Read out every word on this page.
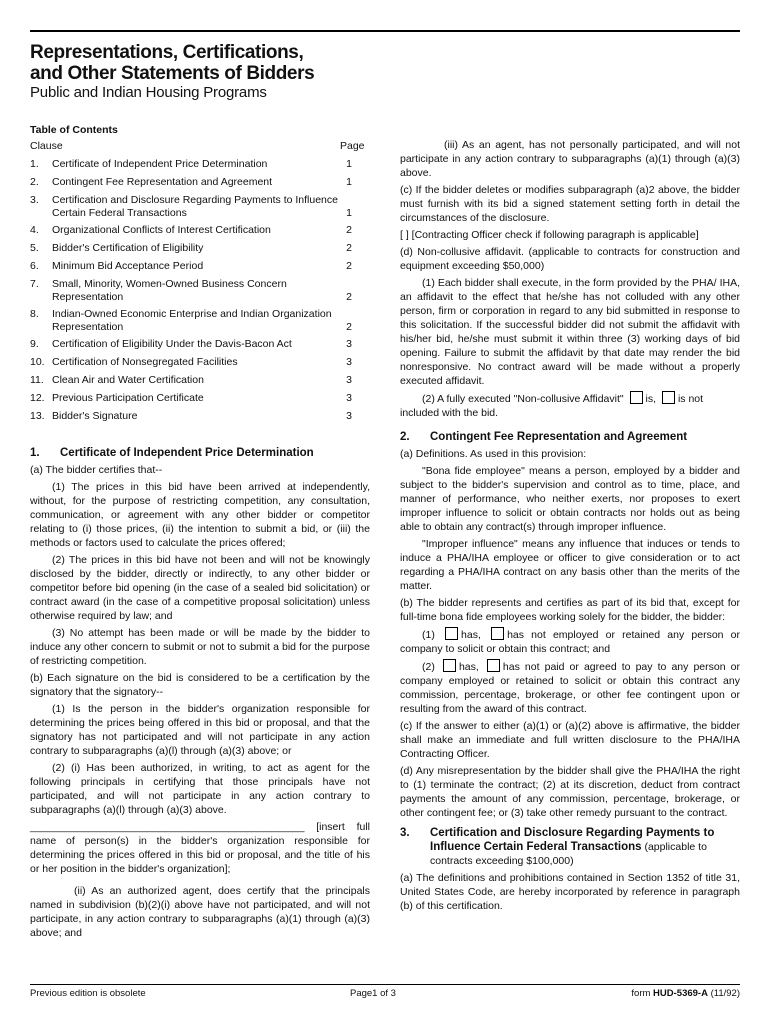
Representations, Certifications,
and Other Statements of Bidders
Public and Indian Housing Programs
Table of Contents
Clause	Page
1. Certificate of Independent Price Determination	1
2. Contingent Fee Representation and Agreement	1
3. Certification and Disclosure Regarding Payments to Influence Certain Federal Transactions	1
4. Organizational Conflicts of Interest Certification	2
5. Bidder's Certification of Eligibility	2
6. Minimum Bid Acceptance Period	2
7. Small, Minority, Women-Owned Business Concern Representation	2
8. Indian-Owned Economic Enterprise and Indian Organization Representation	2
9. Certification of Eligibility Under the Davis-Bacon Act	3
10. Certification of Nonsegregated Facilities	3
11. Clean Air and Water Certification	3
12. Previous Participation Certificate	3
13. Bidder's Signature	3
1.	Certificate of Independent Price Determination

(a) The bidder certifies that--

(1) The prices in this bid have been arrived at independently, without, for the purpose of restricting competition, any consultation, communication, or agreement with any other bidder or competitor relating to (i) those prices, (ii) the intention to submit a bid, or (iii) the methods or factors used to calculate the prices offered;

(2) The prices in this bid have not been and will not be knowingly disclosed by the bidder, directly or indirectly, to any other bidder or competitor before bid opening (in the case of a sealed bid solicitation) or contract award (in the case of a competitive proposal solicitation) unless otherwise required by law; and

(3) No attempt has been made or will be made by the bidder to induce any other concern to submit or not to submit a bid for the purpose of restricting competition.

(b) Each signature on the bid is considered to be a certification by the signatory that the signatory--

(1) Is the person in the bidder's organization responsible for determining the prices being offered in this bid or proposal, and that the signatory has not participated and will not participate in any action contrary to subparagraphs (a)(l) through (a)(3) above; or

(2) (i) Has been authorized, in writing, to act as agent for the following principals in certifying that those principals have not participated, and will not participate in any action contrary to subparagraphs (a)(l) through (a)(3) above.

_______________________________________________ [insert full name of person(s) in the bidder's organization responsible for determining the prices offered in this bid or proposal, and the title of his or her position in the bidder's organization];

(ii) As an authorized agent, does certify that the principals named in subdivision (b)(2)(i) above have not participated, and will not participate, in any action contrary to subparagraphs (a)(1) through (a)(3) above; and

(iii) As an agent, has not personally participated, and will not participate in any action contrary to subparagraphs (a)(1) through (a)(3) above.

(c) If the bidder deletes or modifies subparagraph (a)2 above, the bidder must furnish with its bid a signed statement setting forth in detail the circumstances of the disclosure.

[ ] [Contracting Officer check if following paragraph is applicable]

(d) Non-collusive affidavit. (applicable to contracts for construction and equipment exceeding $50,000)

(1) Each bidder shall execute, in the form provided by the PHA/ IHA, an affidavit to the effect that he/she has not colluded with any other person, firm or corporation in regard to any bid submitted in response to this solicitation. If the successful bidder did not submit the affidavit with his/her bid, he/she must submit it within three (3) working days of bid opening. Failure to submit the affidavit by that date may render the bid nonresponsive. No contract award will be made without a properly executed affidavit.

(2) A fully executed "Non-collusive Affidavit" is, is not included with the bid.

2.	Contingent Fee Representation and Agreement

(a) Definitions. As used in this provision:

"Bona fide employee" means a person, employed by a bidder and subject to the bidder's supervision and control as to time, place, and manner of performance, who neither exerts, nor proposes to exert improper influence to solicit or obtain contracts nor holds out as being able to obtain any contract(s) through improper influence.

"Improper influence" means any influence that induces or tends to induce a PHA/IHA employee or officer to give consideration or to act regarding a PHA/IHA contract on any basis other than the merits of the matter.

(b) The bidder represents and certifies as part of its bid that, except for full-time bona fide employees working solely for the bidder, the bidder:

(1) has, has not employed or retained any person or company to solicit or obtain this contract; and

(2) has, has not paid or agreed to pay to any person or company employed or retained to solicit or obtain this contract any commission, percentage, brokerage, or other fee contingent upon or resulting from the award of this contract.

(c) If the answer to either (a)(1) or (a)(2) above is affirmative, the bidder shall make an immediate and full written disclosure to the PHA/IHA Contracting Officer.

(d) Any misrepresentation by the bidder shall give the PHA/IHA the right to (1) terminate the contract; (2) at its discretion, deduct from contract payments the amount of any commission, percentage, brokerage, or other contingent fee; or (3) take other remedy pursuant to the contract.

3.	Certification and Disclosure Regarding Payments to Influence Certain Federal Transactions (applicable to contracts exceeding $100,000)

(a) The definitions and prohibitions contained in Section 1352 of title 31, United States Code, are hereby incorporated by reference in paragraph (b) of this certification.

Previous edition is obsolete	Page1 of 3	form HUD-5369-A (11/92)
